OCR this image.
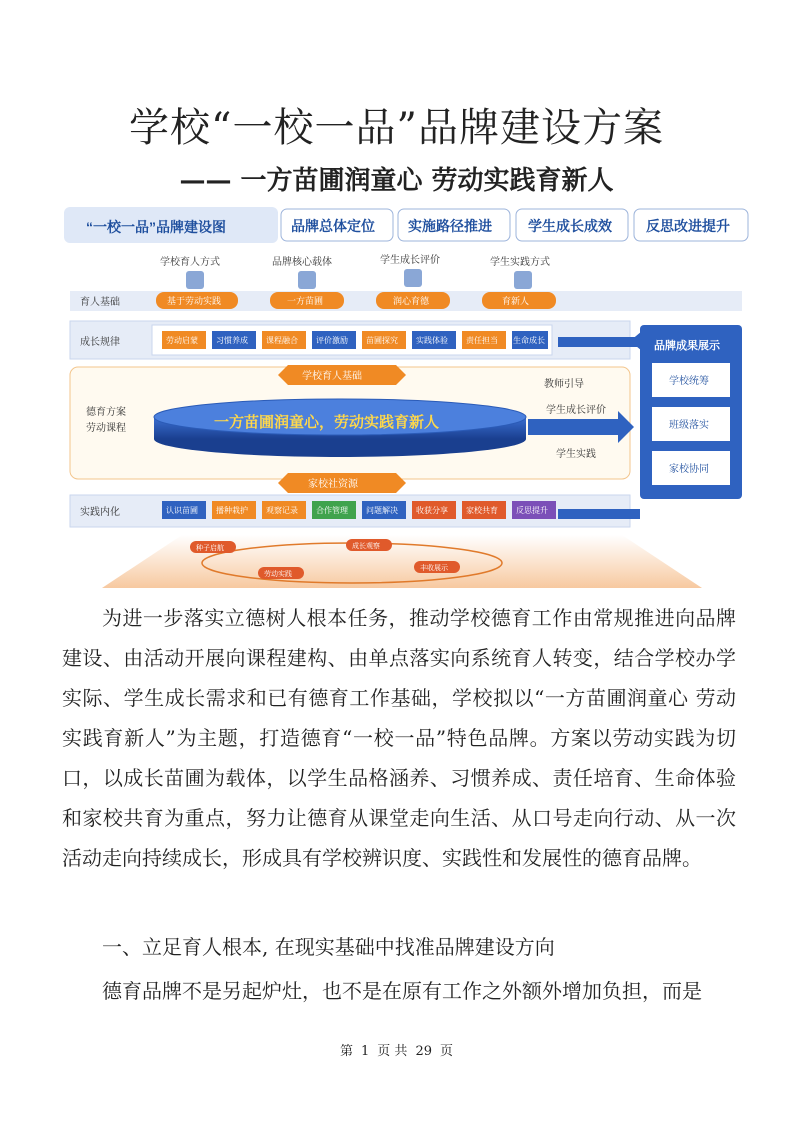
学校“一校一品”品牌建设方案
—— 一方苗圃润童心 劳动实践育新人
“一校一品”品牌建设图	品牌总体定位 实施路径推进	学生成长成效 反思改进提升
学校育人方式	品牌核心载体	学生成长评价	学生实践方式
育人基础	基于劳动实践	一方苗圃	润心育德	育新人
成长规律	劳动启蒙 习惯养成 课程融合 评价激励 苗圃探究 实践体验 责任担当 生命成长
德育方案
劳动课程
学校育人基础
一方苗圃润童心，劳动实践育新人
教师引导
学生成长评价
学生实践
家校社资源
实践内化	认识苗圃 播种栽护 观察记录 合作管理 问题解决 收获分享 家校共育 反思提升
品牌成果展示
学校统筹
班级落实
家校协同
种子启航	成长观察
劳动实践
丰收展示
为进一步落实立德树人根本任务，推动学校德育工作由常规推进向品牌建设、由活动开展向课程建构、由单点落实向系统育人转变，结合学校办学实际、学生成长需求和已有德育工作基础，学校拟以“一方苗圃润童心 劳动实践育新人”为主题，打造德育“一校一品”特色品牌。方案以劳动实践为切口，以成长苗圃为载体，以学生品格涵养、习惯养成、责任培育、生命体验和家校共育为重点，努力让德育从课堂走向生活、从口号走向行动、从一次活动走向持续成长，形成具有学校辨识度、实践性和发展性的德育品牌。
一、立足育人根本, 在现实基础中找准品牌建设方向
德育品牌不是另起炉灶，也不是在原有工作之外额外增加负担，而是
第 1 页 共 29 页
